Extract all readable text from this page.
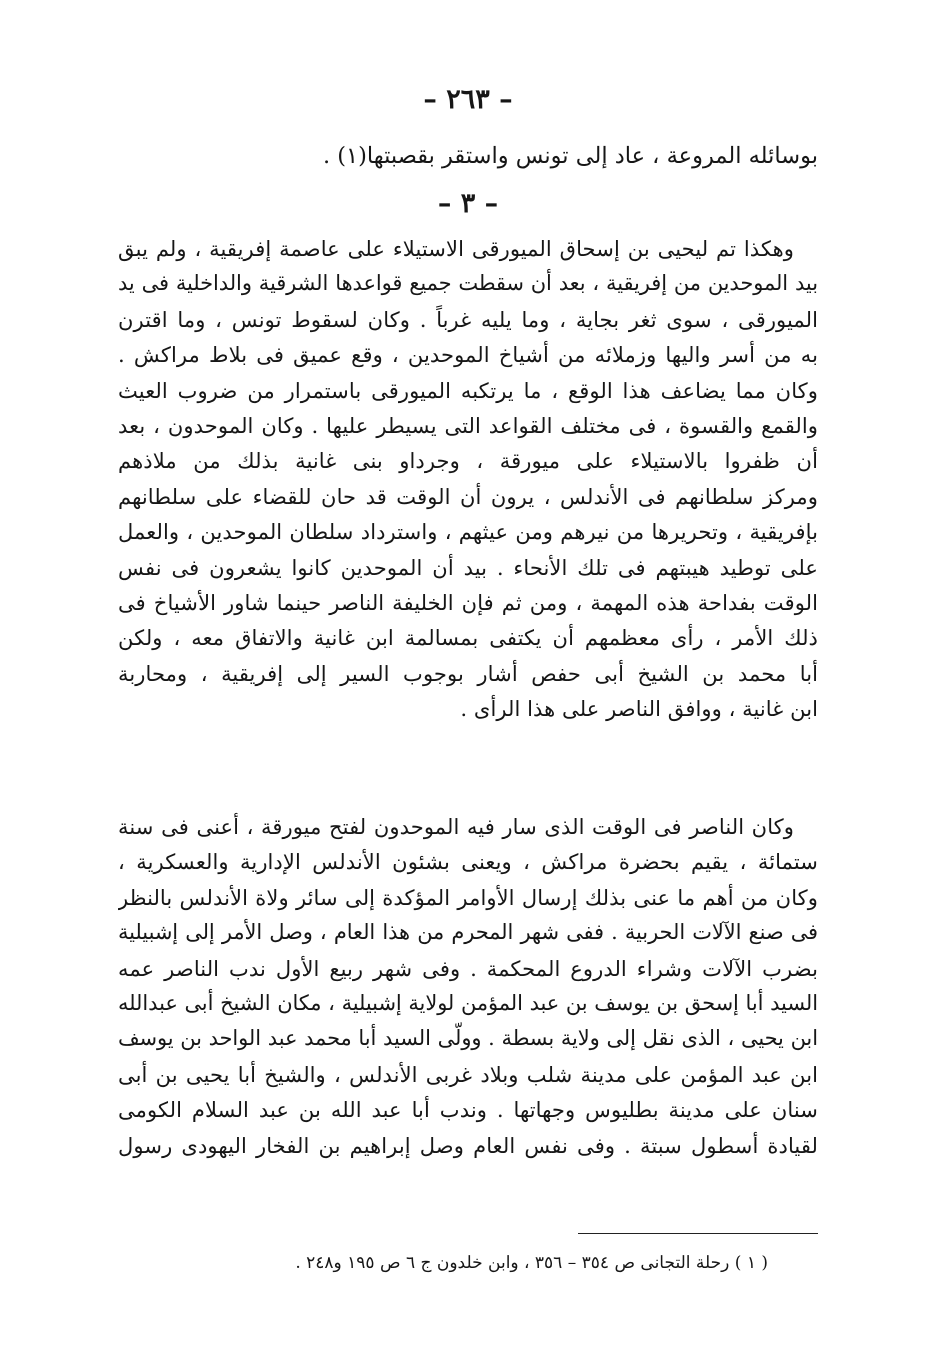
– ٢٦٣ –
بوسائله المروعة ، عاد إلى تونس واستقر بقصبتها(١) .
– ٣ –
وهكذا تم ليحيى بن إسحاق الميورقى الاستيلاء على عاصمة إفريقية ، ولم يبق
بيد الموحدين من إفريقية ، بعد أن سقطت جميع قواعدها الشرقية والداخلية فى يد
الميورقى ، سوى ثغر بجاية ، وما يليه غرباً . وكان لسقوط تونس ، وما اقترن
به من أسر واليها وزملائه من أشياخ الموحدين ، وقع عميق فى بلاط مراكش .
وكان مما يضاعف هذا الوقع ، ما يرتكبه الميورقى باستمرار من ضروب العيث
والقمع والقسوة ، فى مختلف القواعد التى يسيطر عليها . وكان الموحدون ، بعد
أن ظفروا بالاستيلاء على ميورقة ، وجرداو بنى غانية بذلك من ملاذهم
ومركز سلطانهم فى الأندلس ، يرون أن الوقت قد حان للقضاء على سلطانهم
بإفريقية ، وتحريرها من نيرهم ومن عيثهم ، واسترداد سلطان الموحدين ، والعمل
على توطيد هيبتهم فى تلك الأنحاء . بيد أن الموحدين كانوا يشعرون فى نفس
الوقت بفداحة هذه المهمة ، ومن ثم فإن الخليفة الناصر حينما شاور الأشياخ فى
ذلك الأمر ، رأى معظمهم أن يكتفى بمسالمة ابن غانية والاتفاق معه ، ولكن
أبا محمد بن الشيخ أبى حفص أشار بوجوب السير إلى إفريقية ، ومحاربة
ابن غانية ، ووافق الناصر على هذا الرأى .
وكان الناصر فى الوقت الذى سار فيه الموحدون لفتح ميورقة ، أعنى فى سنة
ستمائة ، يقيم بحضرة مراكش ، ويعنى بشئون الأندلس الإدارية والعسكرية ،
وكان من أهم ما عنى بذلك إرسال الأوامر المؤكدة إلى سائر ولاة الأندلس بالنظر
فى صنع الآلات الحربية . ففى شهر المحرم من هذا العام ، وصل الأمر إلى إشبيلية
بضرب الآلات وشراء الدروع المحكمة . وفى شهر ربيع الأول ندب الناصر عمه
السيد أبا إسحق بن يوسف بن عبد المؤمن لولاية إشبيلية ، مكان الشيخ أبى عبدالله
ابن يحيى ، الذى نقل إلى ولاية بسطة . وولّى السيد أبا محمد عبد الواحد بن يوسف
ابن عبد المؤمن على مدينة شلب وبلاد غربى الأندلس ، والشيخ أبا يحيى بن أبى
سنان على مدينة بطليوس وجهاتها . وندب أبا عبد الله بن عبد السلام الكومى
لقيادة أسطول سبتة . وفى نفس العام وصل إبراهيم بن الفخار اليهودى رسول
( ١ ) رحلة التجانى ص ٣٥٤ – ٣٥٦ ، وابن خلدون ج ٦ ص ١٩٥ و٢٤٨ .
